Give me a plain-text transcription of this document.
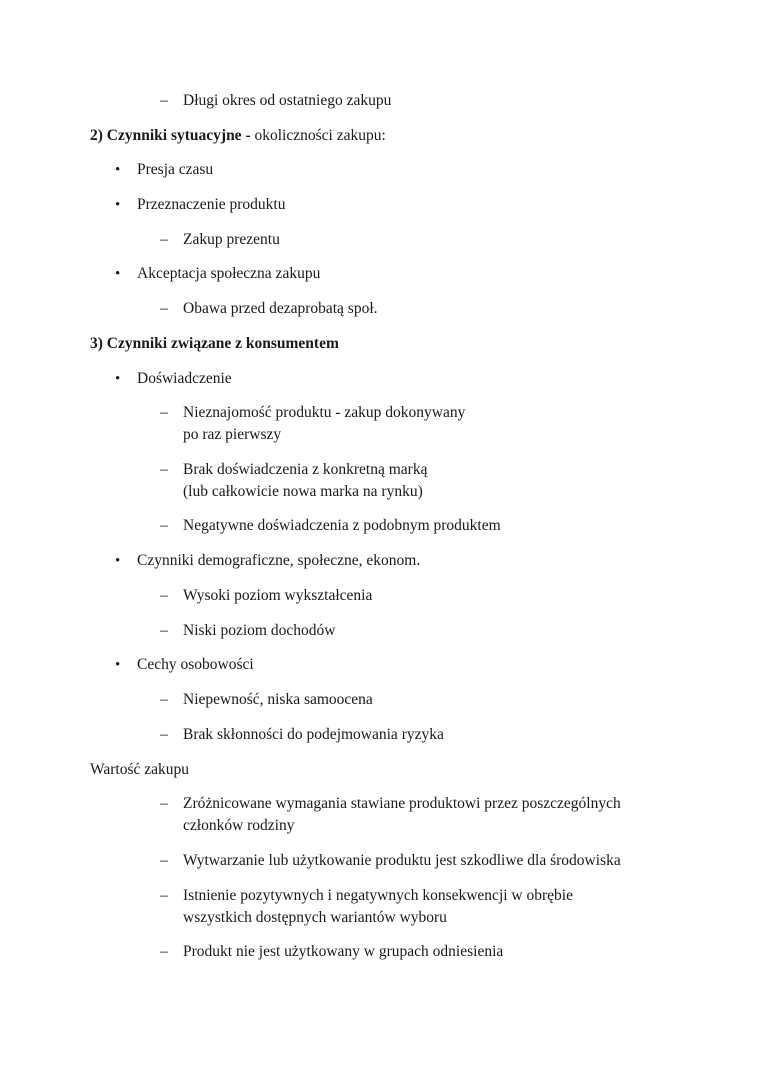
– Długi okres od ostatniego zakupu
2) Czynniki sytuacyjne - okoliczności zakupu:
• Presja czasu
• Przeznaczenie produktu
– Zakup prezentu
• Akceptacja społeczna zakupu
– Obawa przed dezaprobatą społ.
3) Czynniki związane z konsumentem
• Doświadczenie
– Nieznajomość produktu - zakup dokonywany
po raz pierwszy
– Brak doświadczenia z konkretną marką
(lub całkowicie nowa marka na rynku)
– Negatywne doświadczenia z podobnym produktem
• Czynniki demograficzne, społeczne, ekonom.
– Wysoki poziom wykształcenia
– Niski poziom dochodów
• Cechy osobowości
– Niepewność, niska samoocena
– Brak skłonności do podejmowania ryzyka
Wartość zakupu
– Zróżnicowane wymagania stawiane produktowi przez poszczególnych
członków rodziny
– Wytwarzanie lub użytkowanie produktu jest szkodliwe dla środowiska
– Istnienie pozytywnych i negatywnych konsekwencji w obrębie
wszystkich dostępnych wariantów wyboru
– Produkt nie jest użytkowany w grupach odniesienia
